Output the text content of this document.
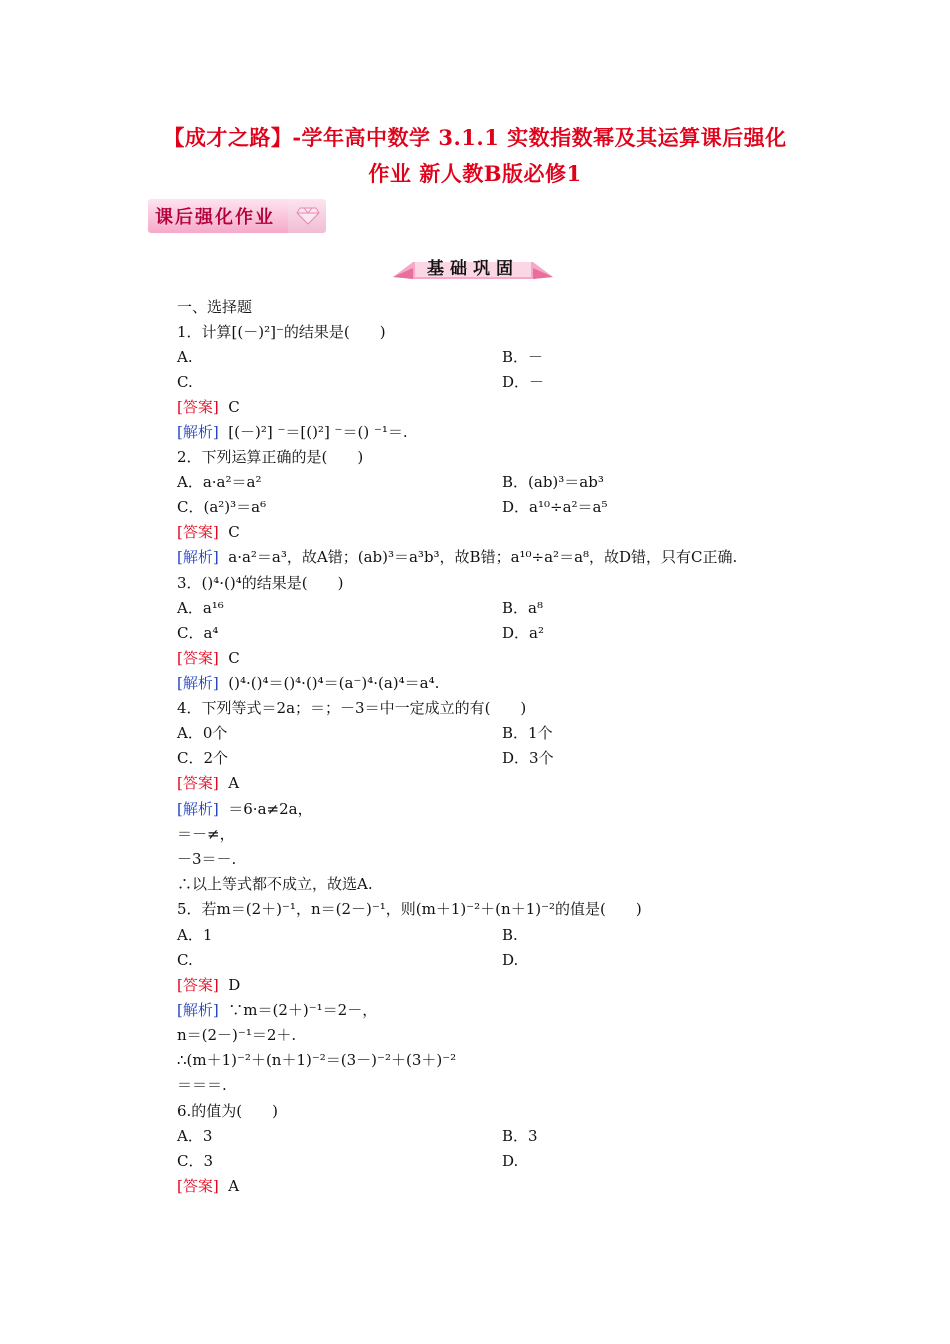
【成才之路】-学年高中数学 3.1.1 实数指数幂及其运算课后强化
作业 新人教B版必修1
课后强化作业
基础巩固
一、选择题
1．计算[(－)²]⁻的结果是(　　)
A.	B．－
C.	D．－
[答案] C
[解析] [(－)²] ⁻＝[()²] ⁻＝() ⁻¹＝.
2．下列运算正确的是(　　)
A．a·a²＝a²	B．(ab)³＝ab³
C．(a²)³＝a⁶	D．a¹⁰÷a²＝a⁵
[答案] C
[解析] a·a²＝a³，故A错；(ab)³＝a³b³，故B错；a¹⁰÷a²＝a⁸，故D错，只有C正确.
3．()⁴·()⁴的结果是(　　)
A．a¹⁶	B．a⁸
C．a⁴	D．a²
[答案] C
[解析] ()⁴·()⁴＝()⁴·()⁴＝(a⁻)⁴·(a)⁴＝a⁴.
4．下列等式＝2a；＝；－3＝中一定成立的有(　　)
A．0个	B．1个
C．2个	D．3个
[答案] A
[解析] ＝6·a≠2a，
＝－≠，
－3＝－.
∴以上等式都不成立，故选A.
5．若m＝(2＋)⁻¹，n＝(2－)⁻¹，则(m＋1)⁻²＋(n＋1)⁻²的值是(　　)
A．1	B.
C.	D.
[答案] D
[解析] ∵m＝(2＋)⁻¹＝2－，
n＝(2－)⁻¹＝2＋.
∴(m＋1)⁻²＋(n＋1)⁻²＝(3－)⁻²＋(3＋)⁻²
＝＝＝.
6.的值为(　　)
A．3	B．3
C．3	D.
[答案] A
